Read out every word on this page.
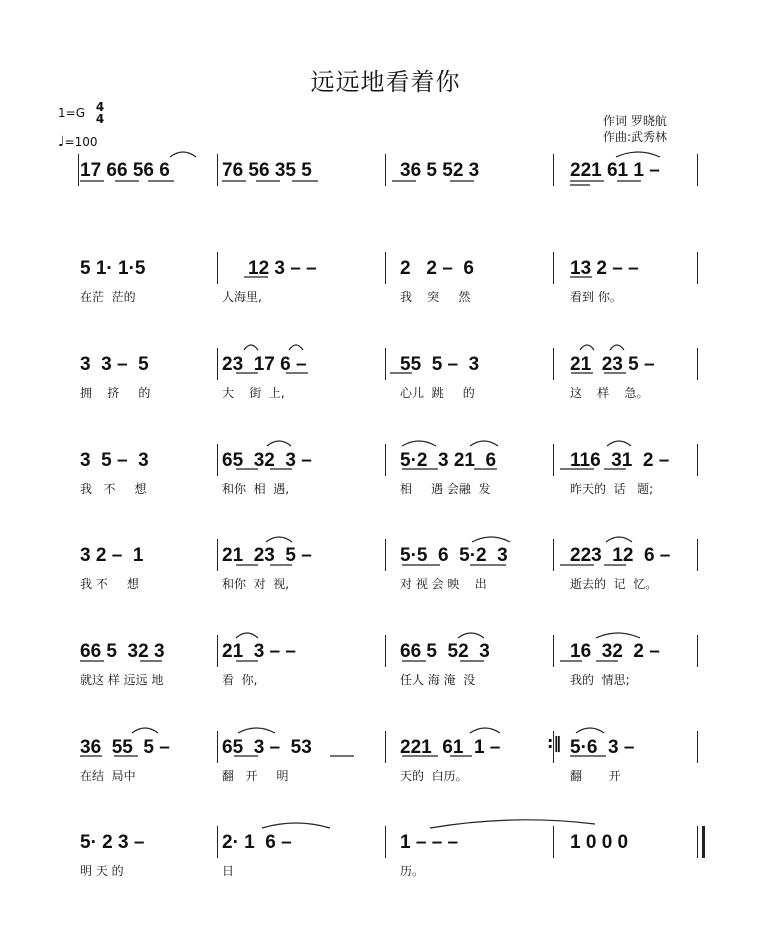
远远地看着你
1=G 4
4
♩=100
作词 罗晓航
作曲:武秀林
17 66 56 6	76 56 35 5	36 5 52 3	221 61 1 –
5 1· 1·5
在茫  茫的
12 3 – –
人海里,
2   2 –  6
我    突     然
13 2 – –
看到 你。
3  3 –  5
拥    挤     的
23  17 6 –
大    街  上,
55  5 –  3
心儿  跳     的
21  23 5 –
这    样    急。
3  5 –  3
我   不     想
65  32  3 –
和你  相  遇,
5·2  3 21  6
相     遇 会融  发
116  31  2 –
昨天的  话   题;
3 2 –  1
我 不     想
21  23  5 –
和你  对  视,
5·5  6  5·2  3
对 视 会 映    出
223  12  6 –
逝去的  记  忆。
66 5  32 3
就这 样 远远 地
21  3 – –
看  你,
66 5  52  3
任人 海 淹  没
16  32  2 –
我的  情思;
36  55  5 –
在结  局中
65  3 –  53
翻   开     明
221  61  1 –
天的  白历。
5·6  3 –
翻       开
:‖
5· 2 3 –
明 天 的
2· 1  6 –
日
1 – – –
历。
1 0 0 0
